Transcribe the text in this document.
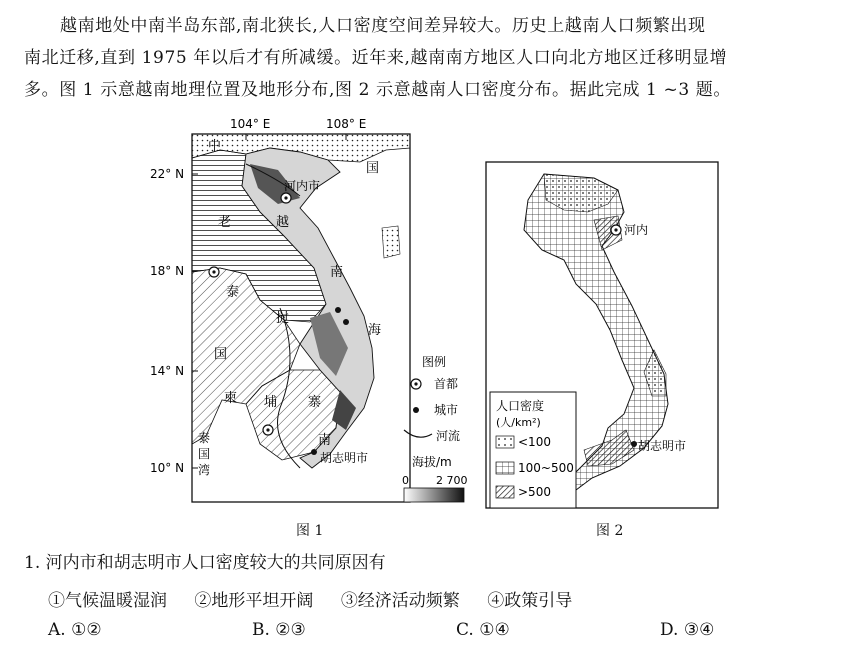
越南地处中南半岛东部,南北狭长,人口密度空间差异较大。历史上越南人口频繁出现
南北迁移,直到 1975 年以后才有所减缓。近年来,越南南方地区人口向北方地区迁移明显增
多。图 1 示意越南地理位置及地形分布,图 2 示意越南人口密度分布。据此完成 1 ~3 题。
104° E	108° E
22° N
18° N
14° N
10° N
中
国
老
挝
越
南
泰
国
海
柬 埔 寨
南
泰
国
湾
河内市
胡志明市
图例
首都
城市
河流
海拔/m
0 2 700
图 1
河内
胡志明市
人口密度
(人/km²)
<100
100~500
>500
图 2
1. 河内市和胡志明市人口密度较大的共同原因有
①气候温暖湿润 ②地形平坦开阔 ③经济活动频繁 ④政策引导
A. ①②	B. ②③	C. ①④	D. ③④
